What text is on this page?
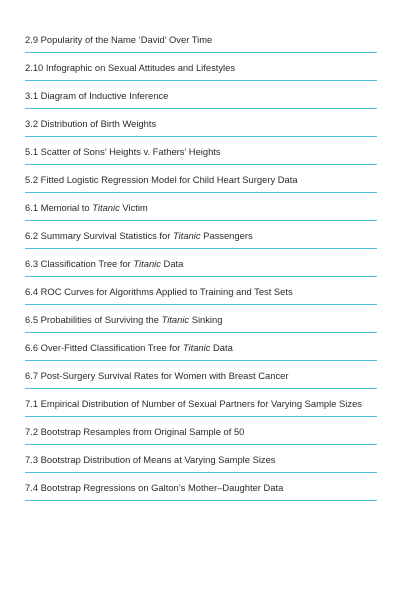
2.9 Popularity of the Name ‘David’ Over Time
2.10 Infographic on Sexual Attitudes and Lifestyles
3.1 Diagram of Inductive Inference
3.2 Distribution of Birth Weights
5.1 Scatter of Sons’ Heights v. Fathers’ Heights
5.2 Fitted Logistic Regression Model for Child Heart Surgery Data
6.1 Memorial to Titanic Victim
6.2 Summary Survival Statistics for Titanic Passengers
6.3 Classification Tree for Titanic Data
6.4 ROC Curves for Algorithms Applied to Training and Test Sets
6.5 Probabilities of Surviving the Titanic Sinking
6.6 Over-Fitted Classification Tree for Titanic Data
6.7 Post-Surgery Survival Rates for Women with Breast Cancer
7.1 Empirical Distribution of Number of Sexual Partners for Varying Sample Sizes
7.2 Bootstrap Resamples from Original Sample of 50
7.3 Bootstrap Distribution of Means at Varying Sample Sizes
7.4 Bootstrap Regressions on Galton’s Mother–Daughter Data
